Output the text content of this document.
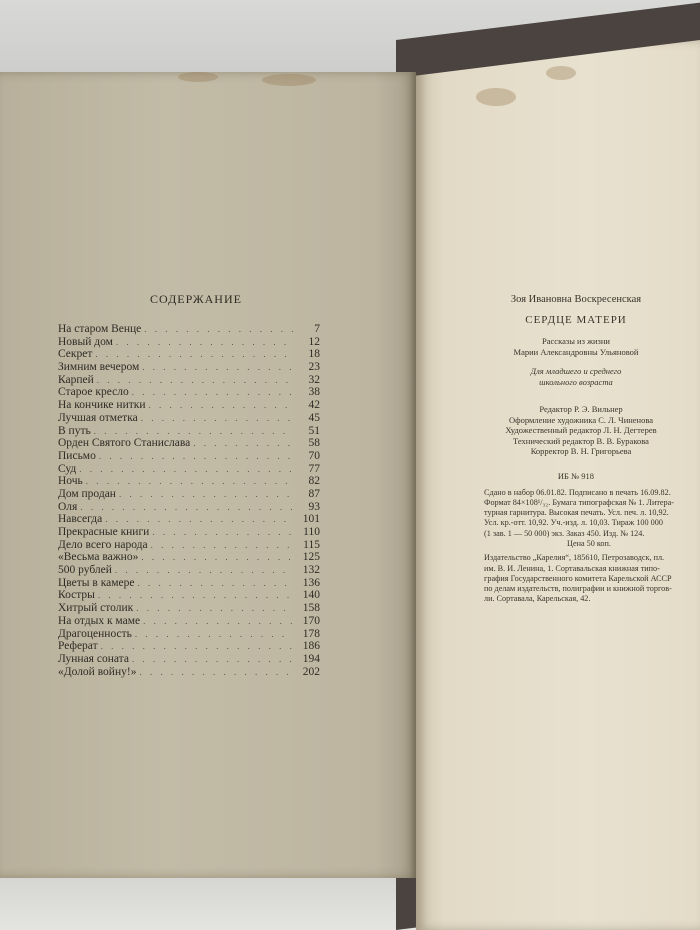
СОДЕРЖАНИЕ
На старом Венце . . .	7
Новый дом . . .	12
Секрет . . .	18
Зимним вечером . . .	23
Карпей . . .	32
Старое кресло . . .	38
На кончике нитки . . .	42
Лучшая отметка . . .	45
В путь . . .	51
Орден Святого Станислава . . .	58
Письмо . . .	70
Суд . . .	77
Ночь . . .	82
Дом продан . . .	87
Оля . . .	93
Навсегда . . .	101
Прекрасные книги . . .	110
Дело всего народа . . .	115
«Весьма важно» . . .	125
500 рублей . . .	132
Цветы в камере . . .	136
Костры . . .	140
Хитрый столик . . .	158
На отдых к маме . . .	170
Драгоценность . . .	178
Реферат . . .	186
Лунная соната . . .	194
«Долой войну!» . . .	202
Зоя Ивановна Воскресенская
СЕРДЦЕ МАТЕРИ
Рассказы из жизни
Марии Александровны Ульяновой
Для младшего и среднего
школьного возраста
Редактор Р. Э. Вильнер
Оформление художника С. Л. Чиненова
Художественный редактор Л. Н. Дегтерев
Технический редактор В. В. Буракова
Корректор В. Н. Григорьева
ИБ № 918
Сдано в набор 06.01.82. Подписано в печать 16.09.82.
Формат 84×108¹/₃₂. Бумага типографская № 1. Литера-
турная гарнитура. Высокая печать. Усл. печ. л. 10,92.
Усл. кр.-отт. 10,92. Уч.-изд. л. 10,03. Тираж 100 000
(1 зав. 1 — 50 000) экз. Заказ 450. Изд. № 124.
Цена 50 коп.
Издательство „Карелия“, 185610, Петрозаводск, пл.
им. В. И. Ленина, 1. Сортавальская книжная типо-
графия Государственного комитета Карельской АССР
по делам издательств, полиграфии и книжной торгов-
ли. Сортавала, Карельская, 42.
